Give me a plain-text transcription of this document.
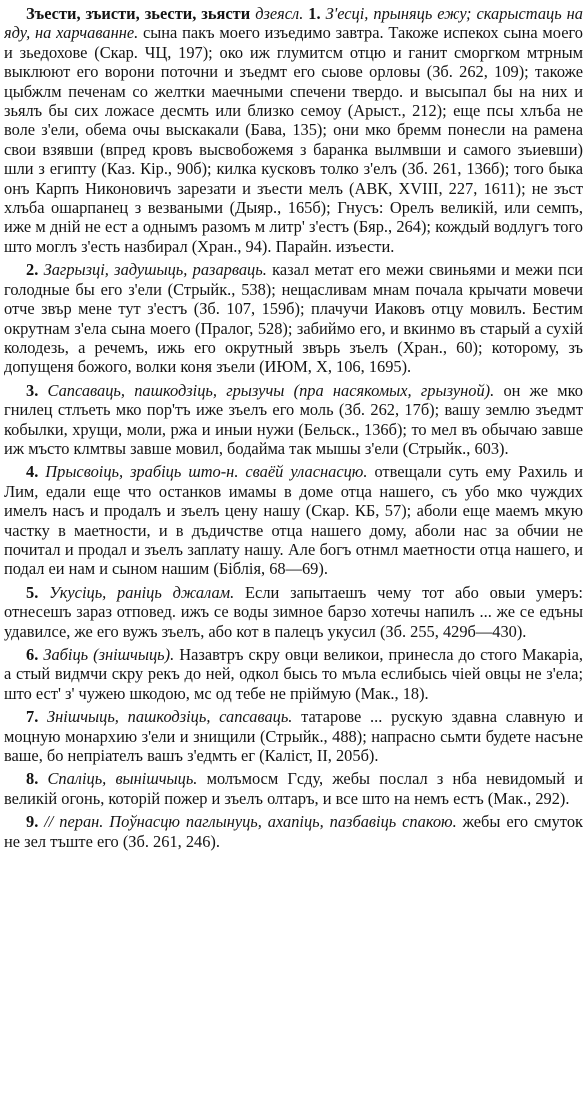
Зъести, зъисти, зьести, зьясти дзеясл. 1. З'есці, прыняць ежу; скарыстаць на яду, на харчаванне. сына пакъ моего изъедимо завтра. Такоже испекох сына моего и зьедохове (Скар. ЧЦ, 197); око иж глумитсм отцю и ганит смоpгком мтрным выклюют его ворони поточни и зъедмт его сыове орловы (Зб. 262, 109); такоже цыбжлм печенам со желтки маечными спечени твердо. и высыпал бы на них и зьялъ бы сих ложасе десмть или близко семоу (Арыст., 212); еще псы хлъба не воле з'ели, обема очы выскакали (Бава, 135); они мко бремм понесли на рамена свои взявши (впред кровъ высвобожемя з баранка вылмвши и самого зъиевши) шли з египту (Каз. Кір., 90б); килка кусковъ толко з'елъ (Зб. 261, 136б); того быка онъ Карпъ Никоновичъ зарезати и зъести мелъ (АВК, XVIII, 227, 1611); не зъст хлъба ошарпанец з везваными (Дыяр., 165б); Гнусъ: Орелъ великій, или семпъ, иже м днiй не ест а однымъ разомъ м литр' з'естъ (Бяр., 264); кождый водлугъ того што моглъ з'есть назбирал (Хран., 94). Парайн. изъести.

2. Загрызці, задушыць, разарваць. казал метат его межи свиньями и межи пси голодные бы его з'ели (Стрыйк., 538); нещасливам мнам почала крычати мовечи отче звър мене тут з'естъ (Зб. 107, 159б); плачучи Иаковъ отцу мовилъ. Бестим окрутнам з'ела сына моего (Пралог, 528); забиймо его, и вкинмо въ старый а сухій колодезь, а речемъ, ижь его окрутный звърь зъелъ (Хран., 60); которому, зъ допущеня божого, волки коня зъели (ИЮМ, X, 106, 1695).

3. Сапсаваць, пашкодзіць, грызучы (пра насякомых, грызуной). он же мко гнилец стлъеть мко пор'тъ иже зъелъ его моль (Зб. 262, 17б); вашу землю зъедмт кобылки, хрущи, моли, ржа и иныи нужи (Бельск., 136б); то мел въ обычаю завше иж мъсто клмтвы завше мовил, бодайма так мышы з'ели (Стрыйк., 603).

4. Прысвоіць, зрабіць што-н. сваёй уласнасцю. отвещали суть ему Рахиль и Лим, едали еще что останков имамы в доме отца нашего, съ убо мко чуждих имелъ насъ и продалъ и зъелъ цену нашу (Скар. КБ, 57); аболи еще маемъ мкую частку в маетности, и в дъдичстве отца нашего дому, аболи нас за обчии не почитал и продал и зъелъ заплату нашу. Але богъ отнмл маетности отца нашего, и подал еи нам и сыном нашим (Біблія, 68—69).

5. Укусіць, раніць джалам. Если запытаешъ чему тот або овыи умеръ: отнесешъ зараз отповед. ижъ се воды зимное барзо хотечы напилъ ... же се едъны удавилсе, же его вужъ зъелъ, або кот в палецъ укусил (Зб. 255, 429б—430).

6. Забіць (знішчыць). Назавтръ скру овци великои, принесла до стого Макаріа, а стый видмчи скру рекъ до ней, одкол бысь то мъла еслибысь чіей овцы не з'ела; што ест' з' чужею шкодою, мс од тебе не пріймую (Мак., 18).

7. Знішчыць, пашкодзіць, сапсаваць. татарове ... рускую здавна славную и моцную монархию з'ели и знищили (Стрыйк., 488); напрасно сьмти будете насъне ваше, бо непріателъ вашъ з'едмть ег (Каліст, II, 205б).

8. Спаліць, вынішчыць. молъмосм Гсду, жебы послал з нба невидомый и великій огонь, которій пожер и зъелъ олтаръ, и все што на немъ естъ (Мак., 292).

9. // перан. Поўнасцю паглынуць, ахапіць, пазбавіць спакою. жебы его смуток не зел тъште его (Зб. 261, 246).
